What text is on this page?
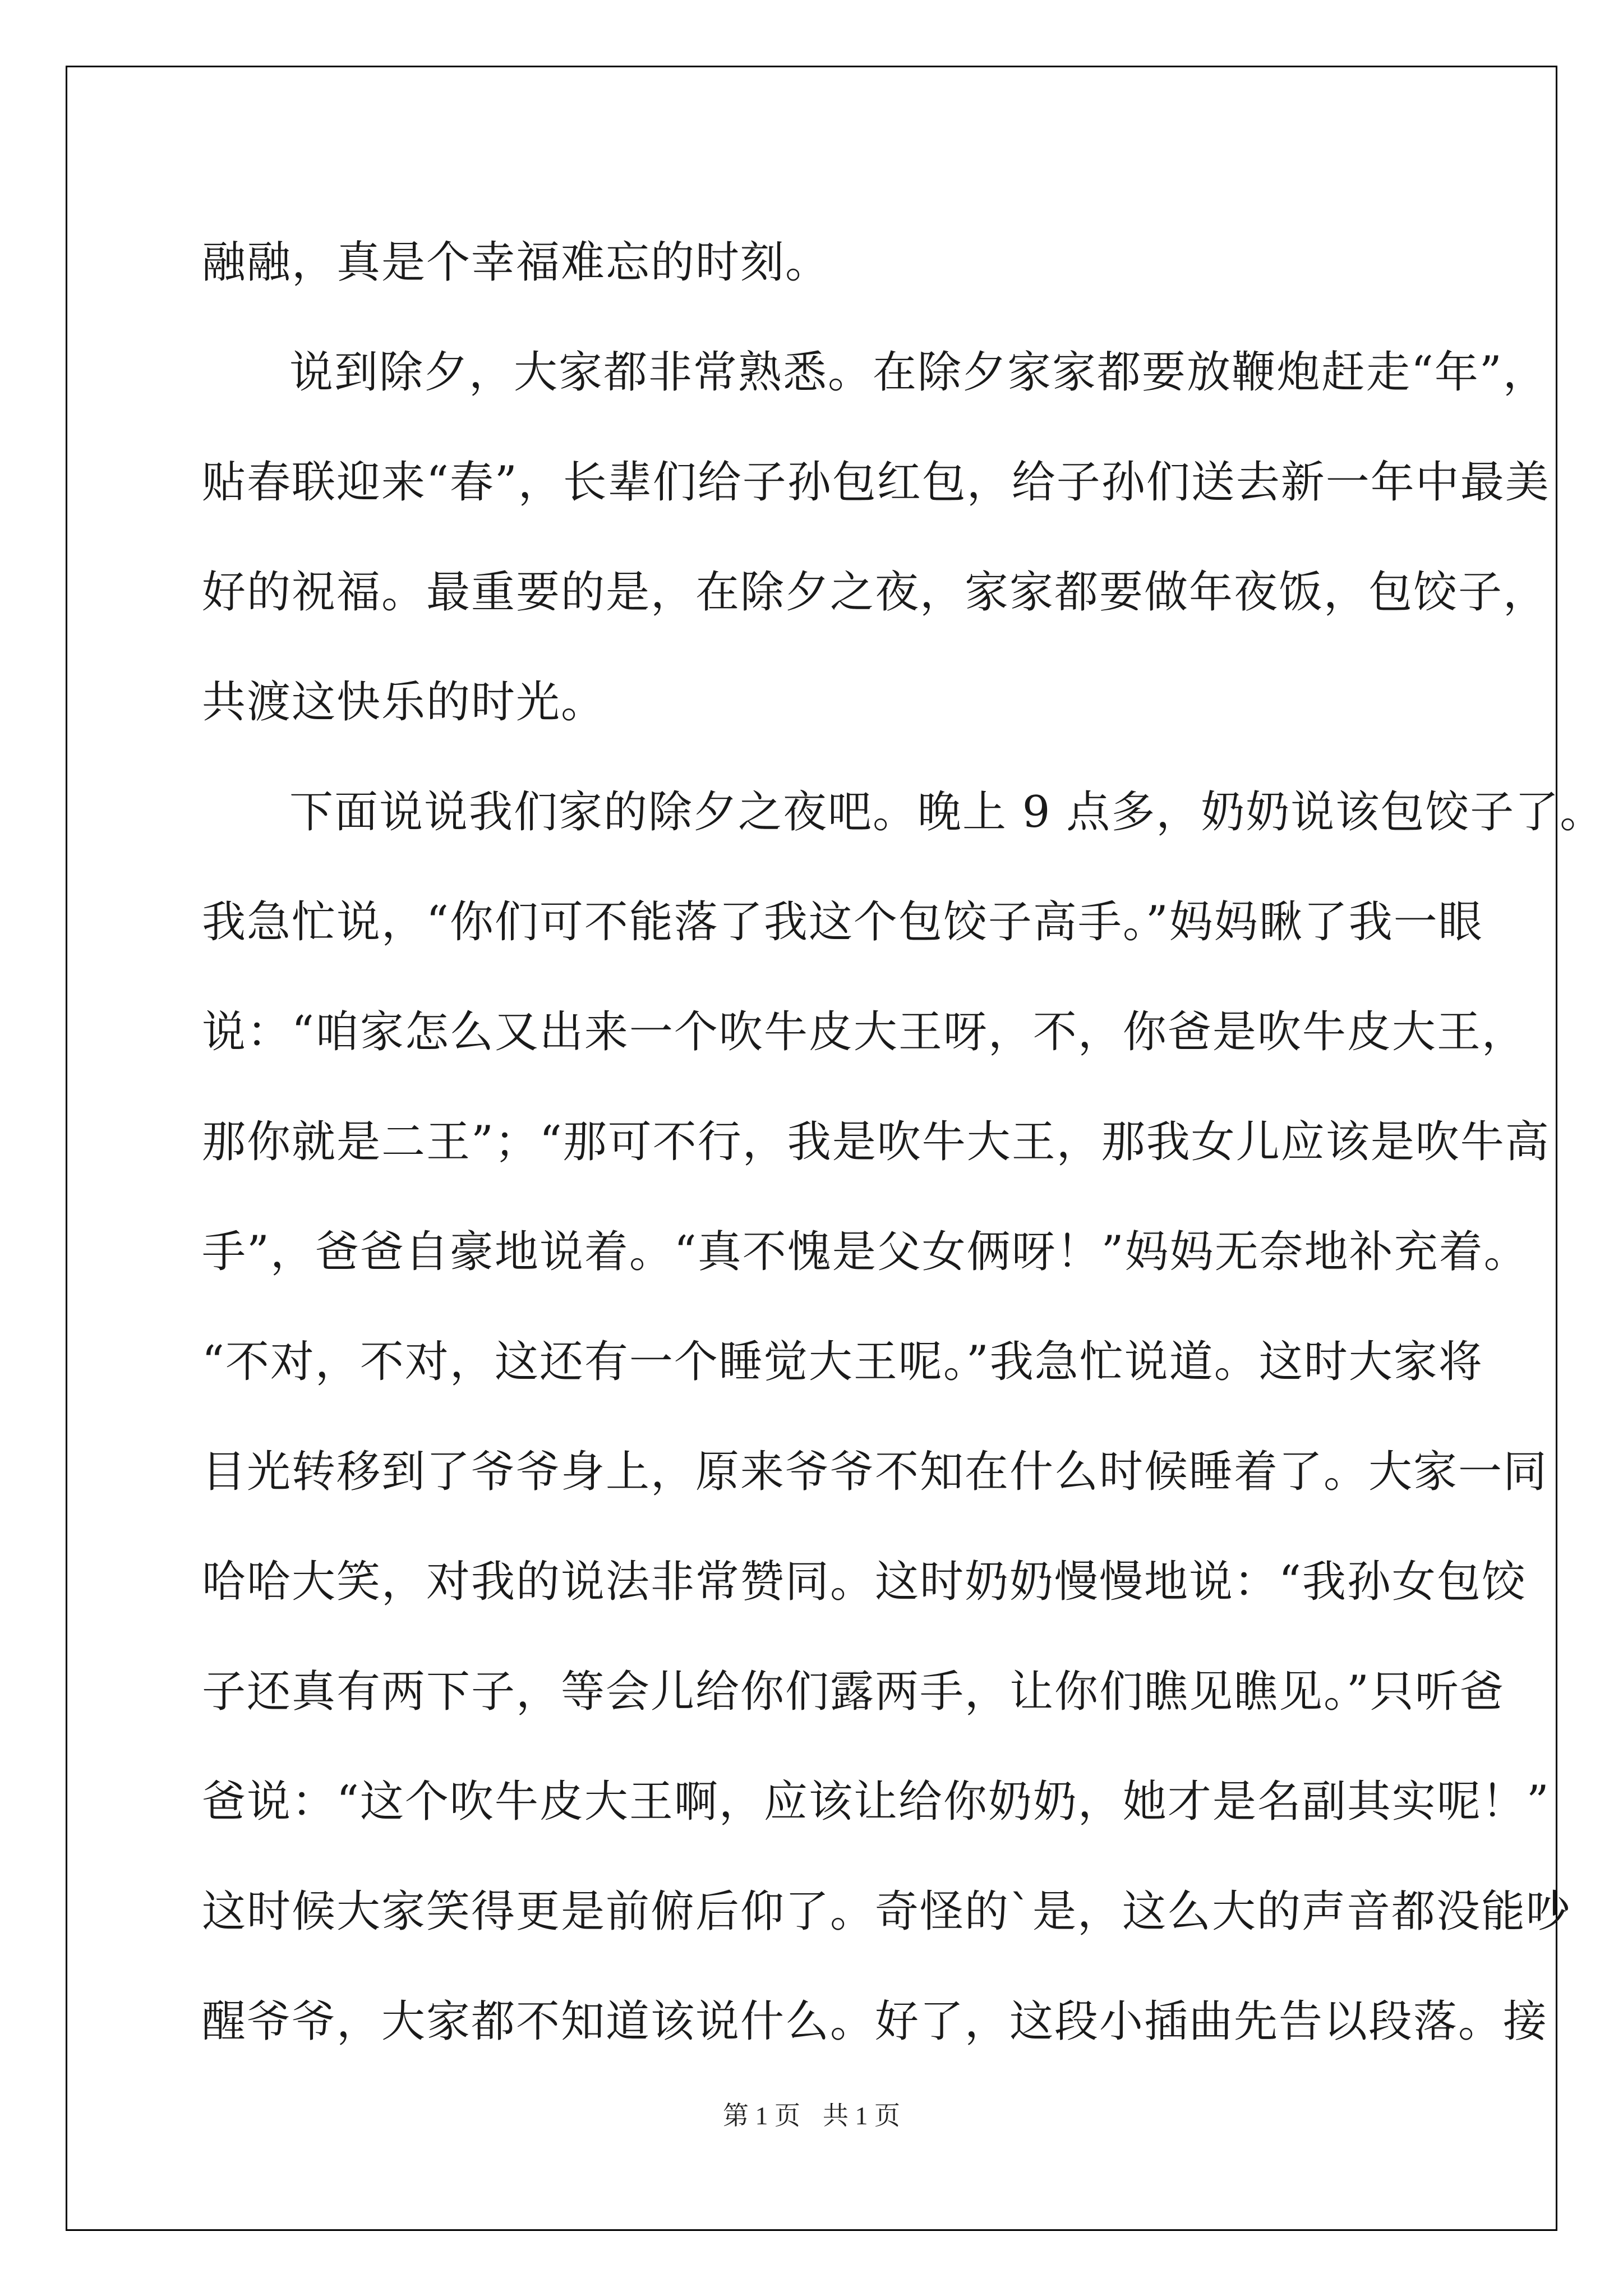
融融，真是个幸福难忘的时刻。
说到除夕，大家都非常熟悉。在除夕家家都要放鞭炮赶走“年”，
贴春联迎来“春”，长辈们给子孙包红包，给子孙们送去新一年中最美
好的祝福。最重要的是，在除夕之夜，家家都要做年夜饭，包饺子，
共渡这快乐的时光。
下面说说我们家的除夕之夜吧。晚上 9 点多，奶奶说该包饺子了。
我急忙说，“你们可不能落了我这个包饺子高手。”妈妈瞅了我一眼
说：“咱家怎么又出来一个吹牛皮大王呀，不，你爸是吹牛皮大王，
那你就是二王”；“那可不行，我是吹牛大王，那我女儿应该是吹牛高
手”，爸爸自豪地说着。“真不愧是父女俩呀！”妈妈无奈地补充着。
“不对，不对，这还有一个睡觉大王呢。”我急忙说道。这时大家将
目光转移到了爷爷身上，原来爷爷不知在什么时候睡着了。大家一同
哈哈大笑，对我的说法非常赞同。这时奶奶慢慢地说：“我孙女包饺
子还真有两下子，等会儿给你们露两手，让你们瞧见瞧见。”只听爸
爸说：“这个吹牛皮大王啊，应该让给你奶奶，她才是名副其实呢！”
这时候大家笑得更是前俯后仰了。奇怪的`是，这么大的声音都没能吵
醒爷爷，大家都不知道该说什么。好了，这段小插曲先告以段落。接
第 1 页 共 1 页
